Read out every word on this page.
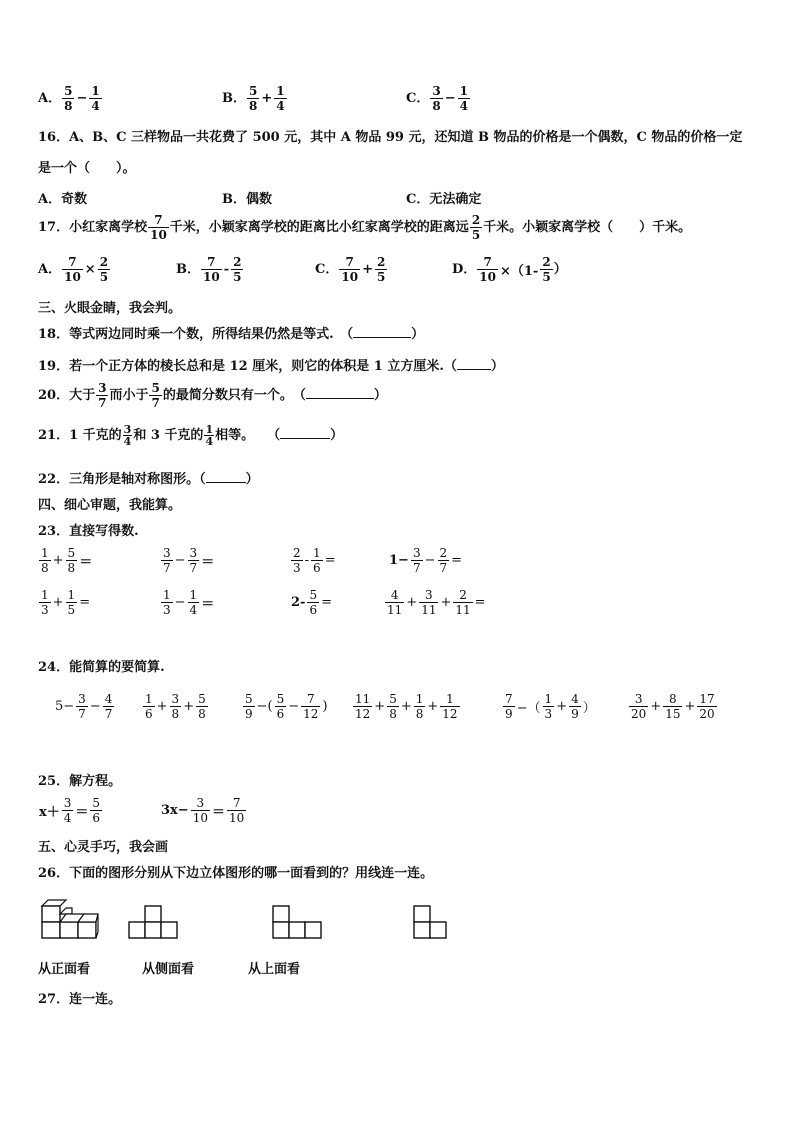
A． $\frac{5}{8} - \frac{1}{4}$	B． $\frac{5}{8} + \frac{1}{4}$	C． $\frac{3}{8} - \frac{1}{4}$
16．A、B、C 三样物品一共花费了 500 元，其中 A 物品 99 元，还知道 B 物品的价格是一个偶数，C 物品的价格一定
是一个（　　）。
A．奇数	B．偶数	C．无法确定
17．小红家离学校 $\frac{7}{10}$ 千米，小颖家离学校的距离比小红家离学校的距离远 $\frac{2}{5}$ 千米。小颖家离学校（　　）千米。
A． $\frac{7}{10} \times \frac{2}{5}$	B． $\frac{7}{10} - \frac{2}{5}$	C． $\frac{7}{10} + \frac{2}{5}$	D． $\frac{7}{10} \times(1- \frac{2}{5}$ ）
三、火眼金睛，我会判。
18．等式两边同时乘一个数，所得结果仍然是等式.　（	）
19．若一个正方体的棱长总和是 12 厘米，则它的体积是 1 立方厘米.（	）
20．大于 $\frac{3}{7}$ 而小于 $\frac{5}{7}$ 的最简分数只有一个。　（	）
21．1 千克的 $\frac{3}{4}$ 和 3 千克的 $\frac{1}{4}$ 相等。　　（	）
22．三角形是轴对称图形。（	）
四、细心审题，我能算。
23．直接写得数.
$\frac{1}{8} + \frac{5}{8}$ ＝	$\frac{3}{7} - \frac{3}{7}$ ＝	$\frac{2}{3} - \frac{1}{6}$ =	$1- \frac{3}{7} - \frac{2}{7}$ =
$\frac{1}{3} + \frac{1}{5}$ =	$\frac{1}{3} - \frac{1}{4}$ ＝	$2- \frac{5}{6}$ =	$\frac{4}{11} + \frac{3}{11} + \frac{2}{11}$ =
24．能简算的要简算.
$5- \frac{3}{7} - \frac{4}{7} \frac{1}{6} + \frac{3}{8} + \frac{5}{8}$	$\frac{5}{9}$ −( $\frac{5}{6} - \frac{7}{12}$ ) $\frac{11}{12} + \frac{5}{8} + \frac{1}{8} + \frac{1}{12}$	$\frac{7}{9}$ −（ $\frac{1}{3} + \frac{4}{9}$ ）	$\frac{3}{20} + \frac{8}{15} + \frac{17}{20}$
25．解方程。
$x+ \frac{3}{4} = \frac{5}{6}$	$3x- \frac{3}{10} = \frac{7}{10}$
五、心灵手巧，我会画
26．下面的图形分别从下边立体图形的哪一面看到的？用线连一连。
从正面看	从侧面看	从上面看
27．连一连。
